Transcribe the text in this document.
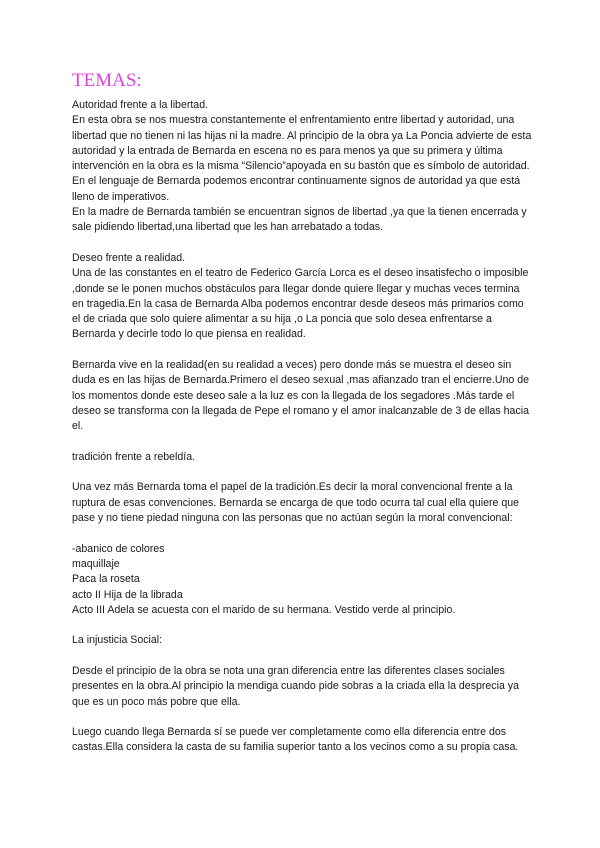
TEMAS:
Autoridad frente a la libertad.
En esta obra se nos muestra constantemente el enfrentamiento entre libertad y autoridad, una libertad que no tienen ni las hijas ni la madre. Al principio de la obra ya La Poncia advierte de esta autoridad y la entrada de Bernarda en escena no es para menos ya que su primera y última intervención en la obra es la misma “Silencio”apoyada en su bastón que es símbolo de autoridad.
En el lenguaje de Bernarda podemos encontrar continuamente signos de autoridad ya que está lleno de imperativos.
En la madre de Bernarda también se encuentran signos de libertad ,ya que la tienen encerrada y sale pidiendo libertad,una libertad que les han arrebatado a todas.
Deseo frente a realidad.
Una de las constantes en el teatro de Federico García Lorca es el deseo insatisfecho o imposible ,donde se le ponen muchos obstáculos para llegar donde quiere llegar y muchas veces termina en tragedia.En la casa de Bernarda Alba podemos encontrar desde deseos más primarios como el de criada que solo quiere alimentar a su hija ,o La poncia que solo desea enfrentarse a Bernarda y decirle todo lo que piensa en realidad.
Bernarda vive en la realidad(en su realidad a veces) pero donde más se muestra el deseo sin duda es en las hijas de Bernarda.Primero el deseo sexual ,mas afianzado tran el encierre.Uno de los momentos donde este deseo sale a la luz es con la llegada de los segadores .Más tarde el deseo se transforma con la llegada de Pepe el romano y el amor inalcanzable de 3 de ellas hacia el.
tradición frente a rebeldía.
Una vez más Bernarda toma el papel de la tradición.Es decir la moral convencional frente a la ruptura de esas convenciones. Bernarda se encarga de que todo ocurra tal cual ella quiere que pase y no tiene piedad ninguna con las personas que no actúan según la moral convencional:
-abanico de colores
maquillaje
Paca la roseta
acto II Hija de la librada
Acto III Adela se acuesta con el marido de su hermana. Vestido verde al principio.
La injusticia Social:
Desde el principio de la obra se nota una gran diferencia entre las diferentes clases sociales presentes en la obra.Al principio la mendiga cuando pide sobras a la criada ella la desprecia ya que es un poco más pobre que ella.
Luego cuando llega Bernarda sí se puede ver completamente como ella diferencia entre dos castas.Ella considera la casta de su familia superior tanto a los vecinos como a su propia casa.
